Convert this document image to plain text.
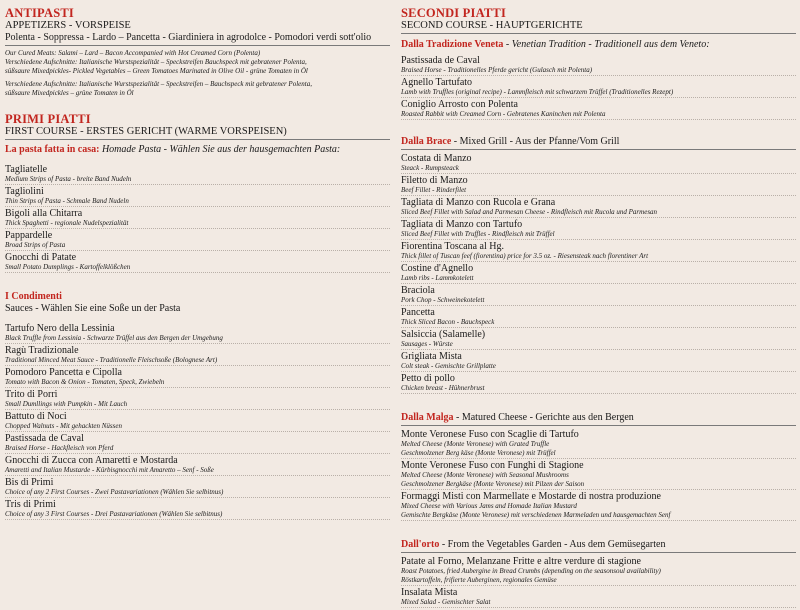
ANTIPASTI
APPETIZERS - VORSPEISE
Polenta - Soppressa - Lardo – Pancetta - Giardiniera in agrodolce - Pomodori verdi sott'olio
Our Cured Meats: Salami – Lard – Bacon Accompanied with Hot Creamed Corn (Polenta)
Verschiedene Aufschnitte: Italianische Wurstspezialität – Speckstreifen Bauchspeck mit gebratener Polenta,
süßsaure Mixedpickles- Pickled Vegetables – Green Tomatoes Marinated in Olive Oil - grüne Tomaten in Öl
Verschiedene Aufschnitte: Italianische Wurstspezialität – Speckstreifen – Bauchspeck mit gebratener Polenta,
süßsaure Mixedpickles – grüne Tomaten in Öl
PRIMI PIATTI
FIRST COURSE - ERSTES GERICHT (WARME VORSPEISEN)
La pasta fatta in casa: Homade Pasta - Wählen Sie aus der hausgemachten Pasta:
Tagliatelle
Medium Strips of Pasta - breite Band Nudeln
Tagliolini
Thin Strips of Pasta - Schmale Band Nudeln
Bigoli alla Chitarra
Thick Spaghetti - regionale Nudelspezialität
Pappardelle
Broad Strips of Pasta
Gnocchi di Patate
Small Potato Dumplings - Kartoffelklößchen
I Condimenti
Sauces - Wählen Sie eine Soße un der Pasta
Tartufo Nero della Lessinia
Black Truffle from Lessinia - Schwarze Trüffel aus den Bergen der Umgebung
Ragù Tradizionale
Traditional Minced Meat Sauce - Traditionelle Fleischsoße (Bolognese Art)
Pomodoro Pancetta e Cipolla
Tomato with Bacon & Onion - Tomaten, Speck, Zwiebeln
Trito di Porri
Small Dumllings with Pumpkin - Mit Lauch
Battuto di Noci
Chopped Walnuts - Mit gehackten Nüssen
Pastissada de Caval
Braised Horse - Hackfleisch von Pferd
Gnocchi di Zucca con Amaretti e Mostarda
Amaretti and Italian Mustarde - Kürbisgnocchi mit Amaretto – Senf - Soße
Bis di Primi
Choice of any 2 First Courses - Zwei Pastavariationen (Wählen Sie selbitnus)
Tris di Primi
Choice of any 3 First Courses - Drei Pastavariationen (Wählen Sie selbitnus)
SECONDI PIATTI
SECOND COURSE - HAUPTGERICHTE
Dalla Tradizione Veneta - Venetian Tradition - Traditionell aus dem Veneto:
Pastissada de Caval
Braised Horse - Traditionelles Pferde gericht (Gulasch mit Polenta)
Agnello Tartufato
Lamb with Truffles (original recipe) - Lammfleisch mit schwarzem Trüffel (Traditionelles Rezept)
Coniglio Arrosto con Polenta
Roasted Rabbit with Creamed Corn - Gebratenes Kaninchen mit Polenta
Dalla Brace - Mixed Grill - Aus der Pfanne/Vom Grill
Costata di Manzo
Steack - Rumpsteack
Filetto di Manzo
Beef Fillet - Rinderfilet
Tagliata di Manzo con Rucola e Grana
Sliced Beef Fillet with Salad and Parmesan Cheese - Rindfleisch mit Rucola und Parmesan
Tagliata di Manzo con Tartufo
Sliced Beef Fillet with Truffles - Rindfleisch mit Trüffel
Fiorentina Toscana al Hg.
Thick fillet of Tuscan feef (fiorentina) price for 3.5 oz. - Riesensteak nach florentiner Art
Costine d'Agnello
Lamb ribs - Lammkotelett
Braciola
Pork Chop - Schweinekotelett
Pancetta
Thick Sliced Bacon - Bauchspeck
Salsiccia (Salamelle)
Sausages - Würste
Grigliata Mista
Colt steak - Gemischte Grillplatte
Petto di pollo
Chicken breast - Hühnerbrust
Dalla Malga - Matured Cheese - Gerichte aus den Bergen
Monte Veronese Fuso con Scaglie di Tartufo
Melted Cheese (Monte Veronese) with Grated Truffle
Geschmolzener Berg käse (Monte Veronese) mit Trüffel
Monte Veronese Fuso con Funghi di Stagione
Melted Cheese (Monte Veronese) with Seasonal Mushrooms
Geschmolzener Bergkäse (Monte Veronese) mit Pilzen der Saison
Formaggi Misti con Marmellate e Mostarde di nostra produzione
Mixed Cheese with Various Jams and Homade Italian Mustard
Gemischte Bergkäse (Monte Veronese) mit verschiedenen Marmeladen und hausgemachten Senf
Dall'orto - From the Vegetables Garden - Aus dem Gemüsegarten
Patate al Forno, Melanzane Fritte e altre verdure di stagione
Roast Potatoes, fried Aubergine in Bread Crumbs (depending on the seasonsoul availability)
Röstkartoffeln, frifierte Auberginen, regionales Gemüse
Insalata Mista
Mixed Salad - Gemischter Salat
